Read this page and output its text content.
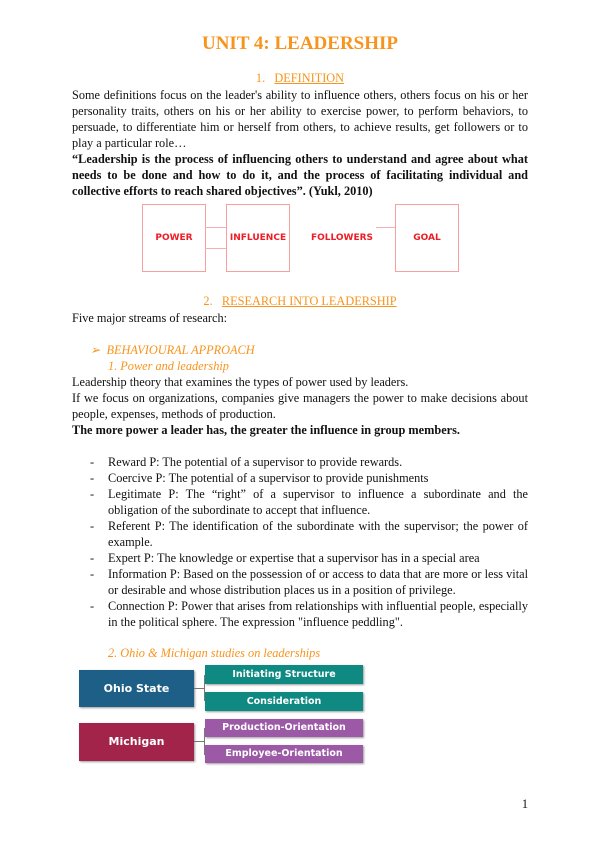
UNIT 4: LEADERSHIP
1. DEFINITION
Some definitions focus on the leader's ability to influence others, others focus on his or her personality traits, others on his or her ability to exercise power, to perform behaviors, to persuade, to differentiate him or herself from others, to achieve results, get followers or to play a particular role…
“Leadership is the process of influencing others to understand and agree about what needs to be done and how to do it, and the process of facilitating individual and collective efforts to reach shared objectives”. (Yukl, 2010)
POWER	INFLUENCE	FOLLOWERS	GOAL
2. RESEARCH INTO LEADERSHIP
Five major streams of research:
➢  BEHAVIOURAL APPROACH
1. Power and leadership
Leadership theory that examines the types of power used by leaders.
If we focus on organizations, companies give managers the power to make decisions about people, expenses, methods of production.
The more power a leader has, the greater the influence in group members.
- Reward P: The potential of a supervisor to provide rewards.
- Coercive P: The potential of a supervisor to provide punishments
- Legitimate P: The “right” of a supervisor to influence a subordinate and the obligation of the subordinate to accept that influence.
- Referent P: The identification of the subordinate with the supervisor; the power of example.
- Expert P: The knowledge or expertise that a supervisor has in a special area
- Information P: Based on the possession of or access to data that are more or less vital or desirable and whose distribution places us in a position of privilege.
- Connection P: Power that arises from relationships with influential people, especially in the political sphere. The expression "influence peddling".
2. Ohio & Michigan studies on leaderships
Ohio State
Initiating Structure
Consideration
Michigan
Production-Orientation
Employee-Orientation
1
